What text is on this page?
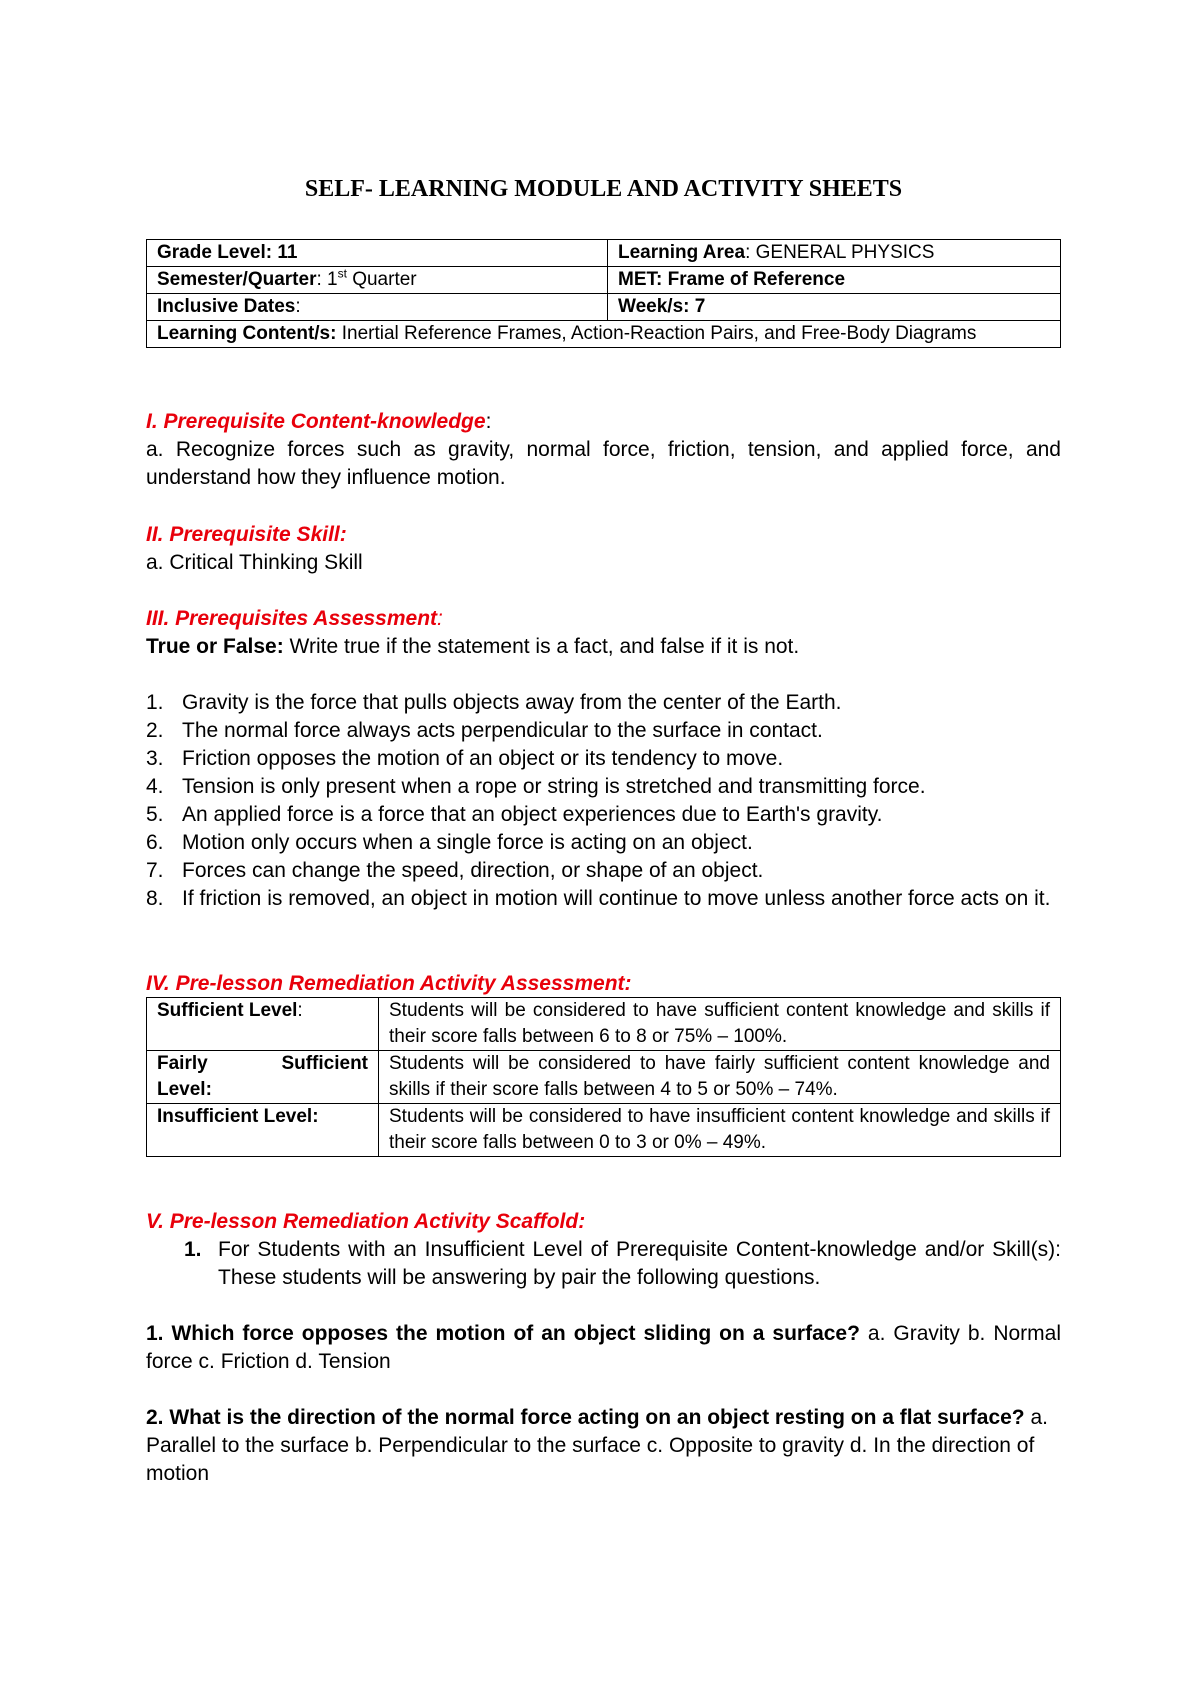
SELF- LEARNING MODULE AND ACTIVITY SHEETS
Grade Level: 11	Learning Area: GENERAL PHYSICS
Semester/Quarter: 1st Quarter	MET: Frame of Reference
Inclusive Dates:	Week/s: 7
Learning Content/s: Inertial Reference Frames, Action-Reaction Pairs, and Free-Body Diagrams	
I. Prerequisite Content-knowledge:
a. Recognize forces such as gravity, normal force, friction, tension, and applied force, and understand how they influence motion.
II. Prerequisite Skill:
a. Critical Thinking Skill
III. Prerequisites Assessment:
True or False: Write true if the statement is a fact, and false if it is not.
1. Gravity is the force that pulls objects away from the center of the Earth.
2. The normal force always acts perpendicular to the surface in contact.
3. Friction opposes the motion of an object or its tendency to move.
4. Tension is only present when a rope or string is stretched and transmitting force.
5. An applied force is a force that an object experiences due to Earth's gravity.
6. Motion only occurs when a single force is acting on an object.
7. Forces can change the speed, direction, or shape of an object.
8. If friction is removed, an object in motion will continue to move unless another force acts on it.
IV. Pre-lesson Remediation Activity Assessment:
Sufficient Level:	Students will be considered to have sufficient content knowledge and skills if their score falls between 6 to 8 or 75% – 100%.

Fairly Sufficient Level:	Students will be considered to have fairly sufficient content knowledge and skills if their score falls between 4 to 5 or 50% – 74%.
Insufficient Level:	Students will be considered to have insufficient content knowledge and skills if their score falls between 0 to 3 or 0% – 49%.
V. Pre-lesson Remediation Activity Scaffold:
1. For Students with an Insufficient Level of Prerequisite Content-knowledge and/or Skill(s): These students will be answering by pair the following questions.
1. Which force opposes the motion of an object sliding on a surface? a. Gravity b. Normal force c. Friction d. Tension
2. What is the direction of the normal force acting on an object resting on a flat surface? a. Parallel to the surface b. Perpendicular to the surface c. Opposite to gravity d. In the direction of motion
